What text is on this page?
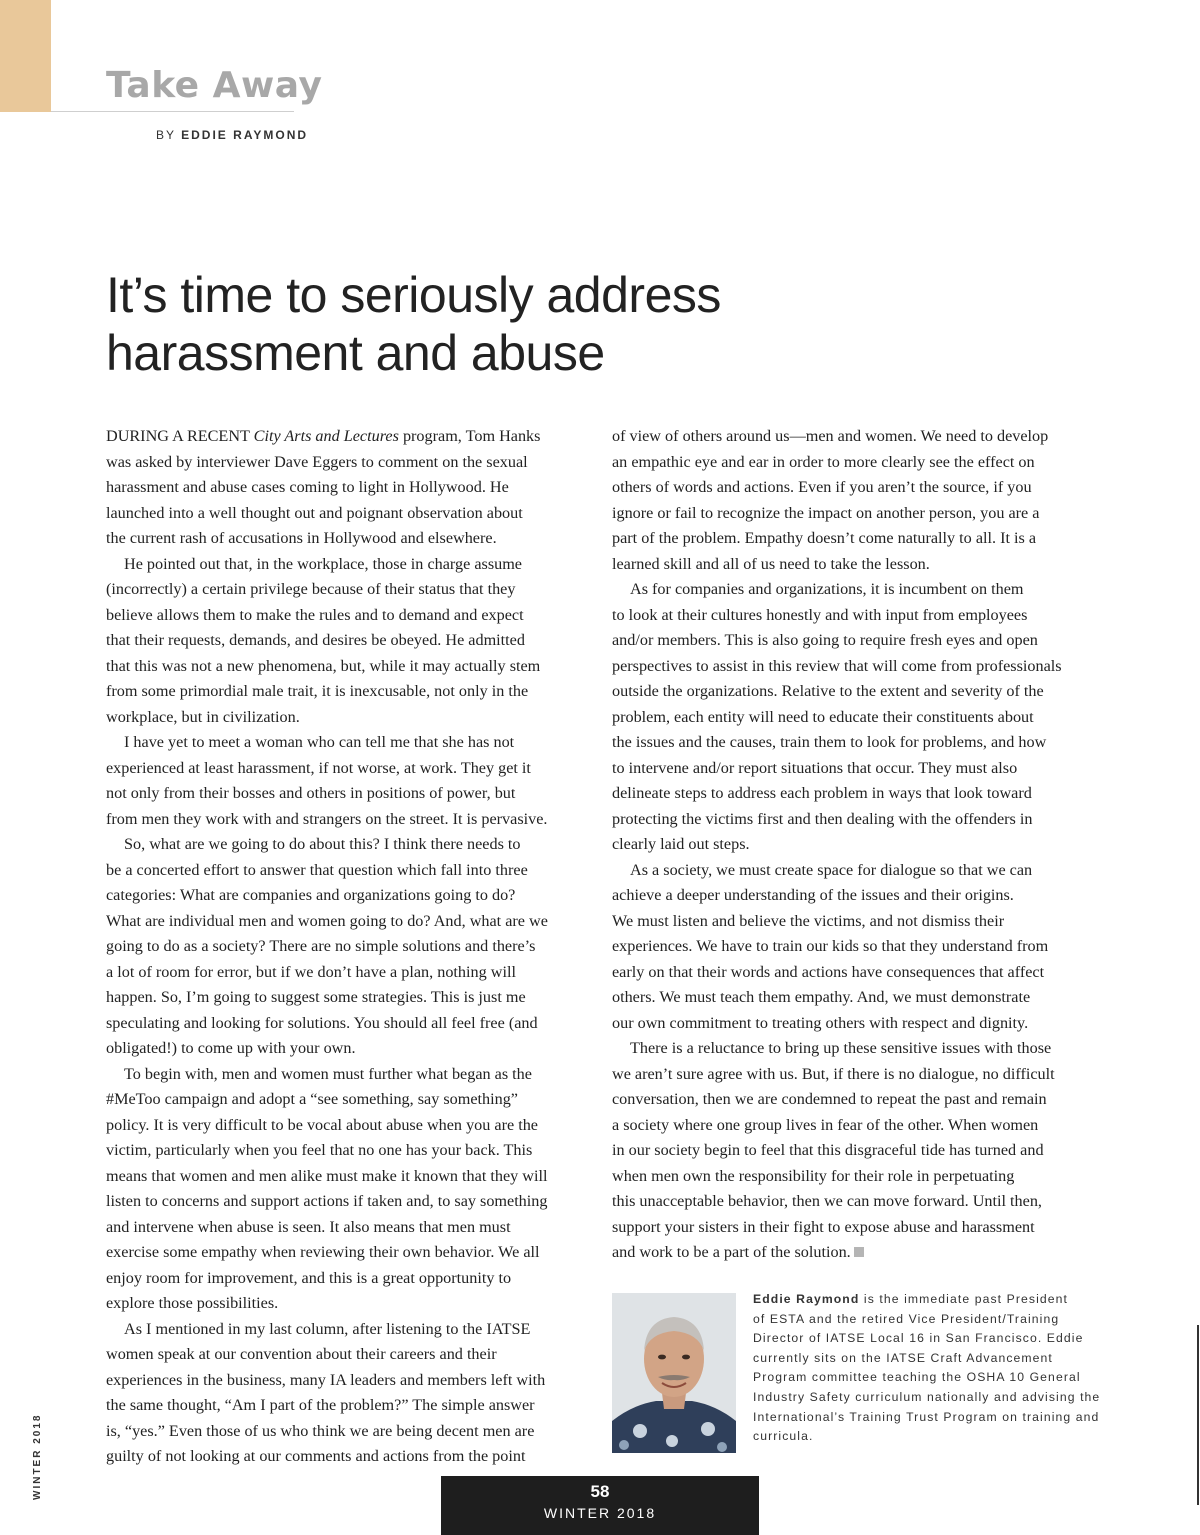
Take Away
BY EDDIE RAYMOND
It’s time to seriously address
harassment and abuse
DURING A RECENT City Arts and Lectures program, Tom Hanks
was asked by interviewer Dave Eggers to comment on the sexual
harassment and abuse cases coming to light in Hollywood. He
launched into a well thought out and poignant observation about
the current rash of accusations in Hollywood and elsewhere.
He pointed out that, in the workplace, those in charge assume
(incorrectly) a certain privilege because of their status that they
believe allows them to make the rules and to demand and expect
that their requests, demands, and desires be obeyed. He admitted
that this was not a new phenomena, but, while it may actually stem
from some primordial male trait, it is inexcusable, not only in the
workplace, but in civilization.
I have yet to meet a woman who can tell me that she has not
experienced at least harassment, if not worse, at work. They get it
not only from their bosses and others in positions of power, but
from men they work with and strangers on the street. It is pervasive.
So, what are we going to do about this? I think there needs to
be a concerted effort to answer that question which fall into three
categories: What are companies and organizations going to do?
What are individual men and women going to do? And, what are we
going to do as a society? There are no simple solutions and there’s
a lot of room for error, but if we don’t have a plan, nothing will
happen. So, I’m going to suggest some strategies. This is just me
speculating and looking for solutions. You should all feel free (and
obligated!) to come up with your own.
To begin with, men and women must further what began as the
#MeToo campaign and adopt a “see something, say something”
policy. It is very difficult to be vocal about abuse when you are the
victim, particularly when you feel that no one has your back. This
means that women and men alike must make it known that they will
listen to concerns and support actions if taken and, to say something
and intervene when abuse is seen. It also means that men must
exercise some empathy when reviewing their own behavior. We all
enjoy room for improvement, and this is a great opportunity to
explore those possibilities.
As I mentioned in my last column, after listening to the IATSE
women speak at our convention about their careers and their
experiences in the business, many IA leaders and members left with
the same thought, “Am I part of the problem?” The simple answer
is, “yes.” Even those of us who think we are being decent men are
guilty of not looking at our comments and actions from the point
of view of others around us—men and women. We need to develop
an empathic eye and ear in order to more clearly see the effect on
others of words and actions. Even if you aren’t the source, if you
ignore or fail to recognize the impact on another person, you are a
part of the problem. Empathy doesn’t come naturally to all. It is a
learned skill and all of us need to take the lesson.
As for companies and organizations, it is incumbent on them
to look at their cultures honestly and with input from employees
and/or members. This is also going to require fresh eyes and open
perspectives to assist in this review that will come from professionals
outside the organizations. Relative to the extent and severity of the
problem, each entity will need to educate their constituents about
the issues and the causes, train them to look for problems, and how
to intervene and/or report situations that occur. They must also
delineate steps to address each problem in ways that look toward
protecting the victims first and then dealing with the offenders in
clearly laid out steps.
As a society, we must create space for dialogue so that we can
achieve a deeper understanding of the issues and their origins.
We must listen and believe the victims, and not dismiss their
experiences. We have to train our kids so that they understand from
early on that their words and actions have consequences that affect
others. We must teach them empathy. And, we must demonstrate
our own commitment to treating others with respect and dignity.
There is a reluctance to bring up these sensitive issues with those
we aren’t sure agree with us. But, if there is no dialogue, no difficult
conversation, then we are condemned to repeat the past and remain
a society where one group lives in fear of the other. When women
in our society begin to feel that this disgraceful tide has turned and
when men own the responsibility for their role in perpetuating
this unacceptable behavior, then we can move forward. Until then,
support your sisters in their fight to expose abuse and harassment
and work to be a part of the solution.
Eddie Raymond is the immediate past President
of ESTA and the retired Vice President/Training
Director of IATSE Local 16 in San Francisco. Eddie
currently sits on the IATSE Craft Advancement
Program committee teaching the OSHA 10 General
Industry Safety curriculum nationally and advising the
International’s Training Trust Program on training and
curricula.
WINTER 2018	58
WINTER 2018
